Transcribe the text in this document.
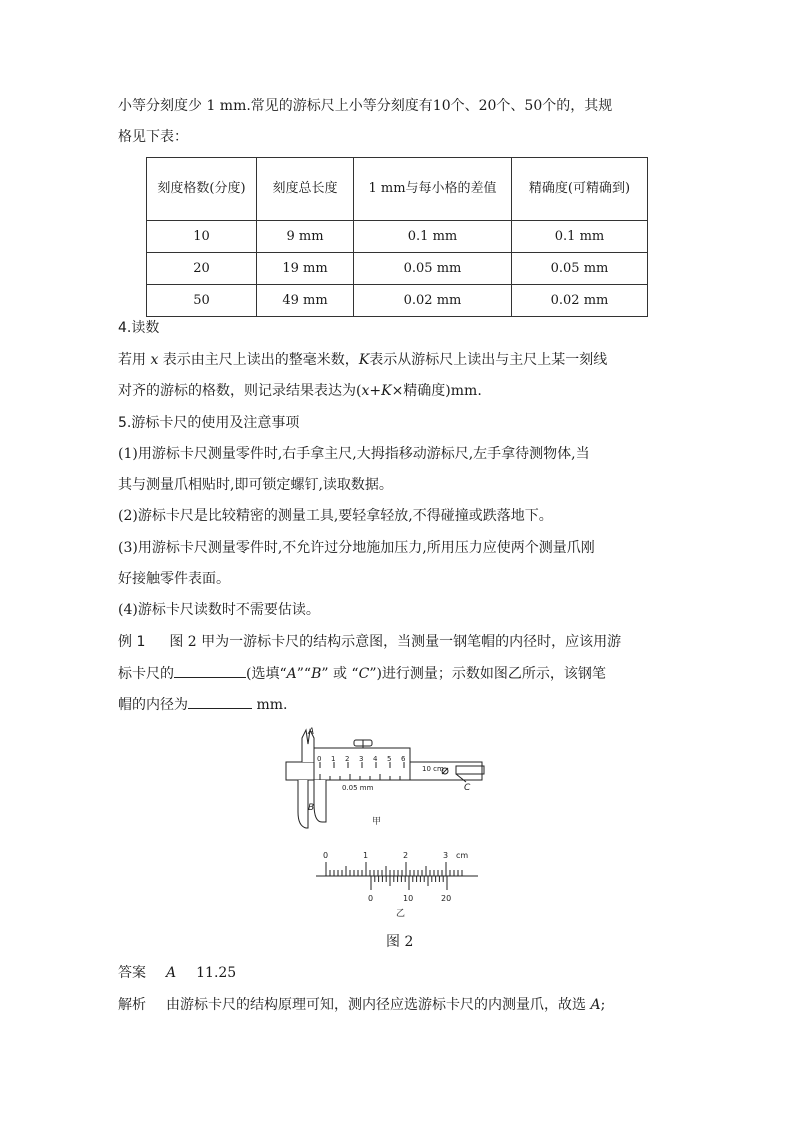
小等分刻度少 1 mm.常见的游标尺上小等分刻度有10个、20个、50个的，其规
格见下表：
刻度格数(分度)	刻度总长度	1 mm与每小格的差值	精确度(可精确到)
10	9 mm	0.1 mm	0.1 mm
20	19 mm	0.05 mm	0.05 mm
50	49 mm	0.02 mm	0.02 mm
4.读数
若用 x 表示由主尺上读出的整毫米数，K表示从游标尺上读出与主尺上某一刻线
对齐的游标的格数，则记录结果表达为(x+K×精确度)mm.
5.游标卡尺的使用及注意事项
(1)用游标卡尺测量零件时,右手拿主尺,大拇指移动游标尺,左手拿待测物体,当
其与测量爪相贴时,即可锁定螺钉,读取数据。
(2)游标卡尺是比较精密的测量工具,要轻拿轻放,不得碰撞或跌落地下。
(3)用游标卡尺测量零件时,不允许过分地施加压力,所用压力应使两个测量爪刚
好接触零件表面。
(4)游标卡尺读数时不需要估读。
例 1 图 2 甲为一游标卡尺的结构示意图，当测量一钢笔帽的内径时，应该用游
标卡尺的	(选填“A”“B” 或 “C”)进行测量；示数如图乙所示，该钢笔
帽的内径为	mm.
A
B
C
0 1 2 3 4 5 6
10 cm
0.05 mm
甲
0	1	2	3 cm
0	10	20
乙
图 2
答案 A 11.25
解析 由游标卡尺的结构原理可知，测内径应选游标卡尺的内测量爪，故选 A;
